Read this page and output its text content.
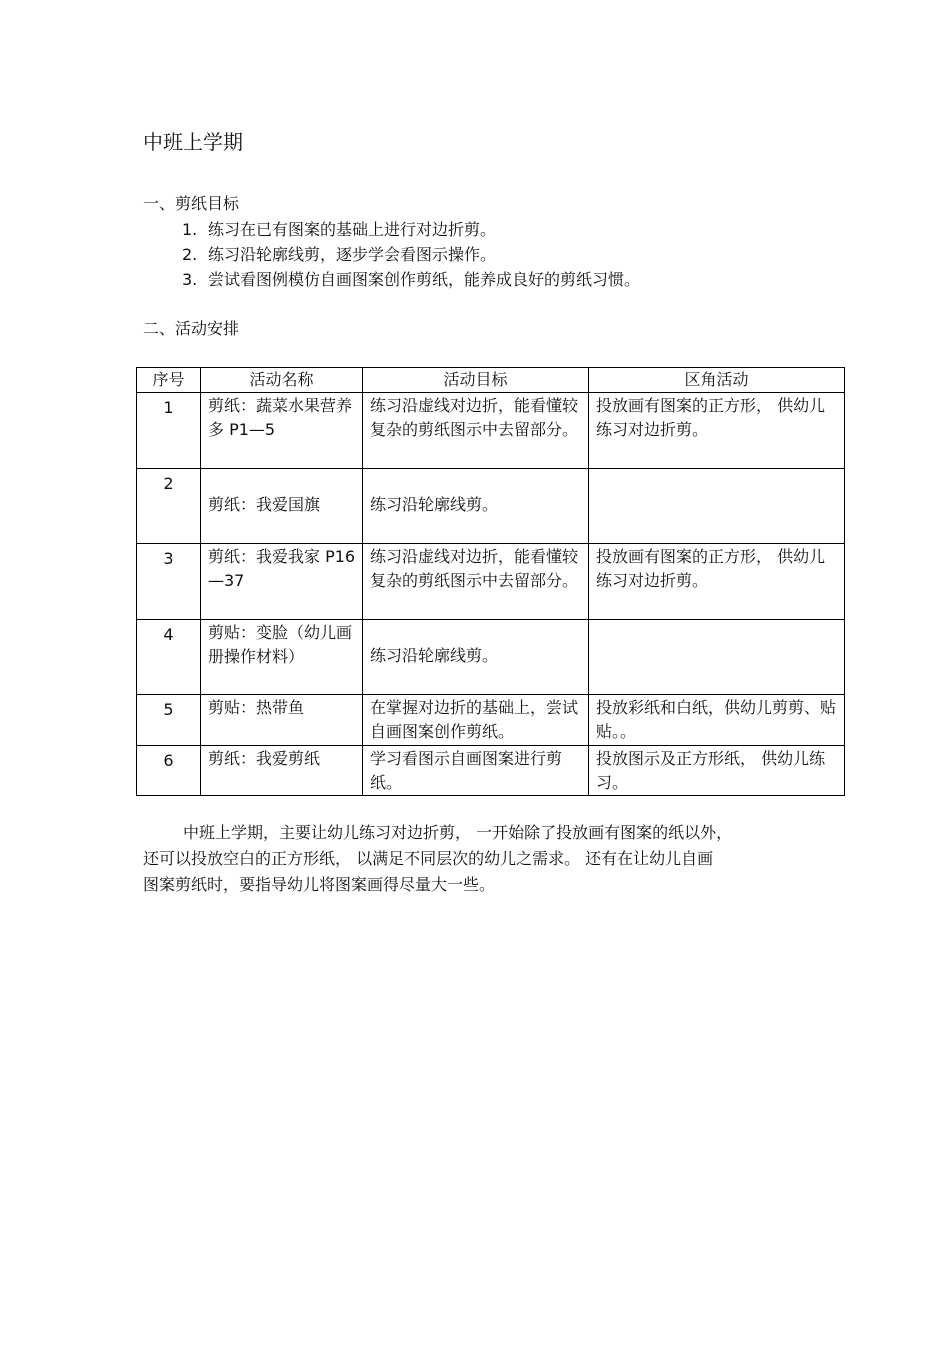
中班上学期
一、剪纸目标
1. 练习在已有图案的基础上进行对边折剪。
2. 练习沿轮廓线剪，逐步学会看图示操作。
3. 尝试看图例模仿自画图案创作剪纸，能养成良好的剪纸习惯。
二、活动安排
序号	活动名称	活动目标	区角活动
1	剪纸：蔬菜水果营养多 P1—5	练习沿虚线对边折，能看懂较复杂的剪纸图示中去留部分。	投放画有图案的正方形， 供幼儿练习对边折剪。
2	剪纸：我爱国旗	练习沿轮廓线剪。	
3	剪纸：我爱我家 P16—37	练习沿虚线对边折，能看懂较复杂的剪纸图示中去留部分。	投放画有图案的正方形， 供幼儿练习对边折剪。
4	剪贴：变脸（幼儿画册操作材料）	练习沿轮廓线剪。	
5	剪贴：热带鱼	在掌握对边折的基础上，尝试自画图案创作剪纸。	投放彩纸和白纸，供幼儿剪剪、贴贴。。
6	剪纸：我爱剪纸	学习看图示自画图案进行剪纸。	投放图示及正方形纸， 供幼儿练习。
中班上学期，主要让幼儿练习对边折剪， 一开始除了投放画有图案的纸以外，
还可以投放空白的正方形纸， 以满足不同层次的幼儿之需求。 还有在让幼儿自画
图案剪纸时，要指导幼儿将图案画得尽量大一些。
